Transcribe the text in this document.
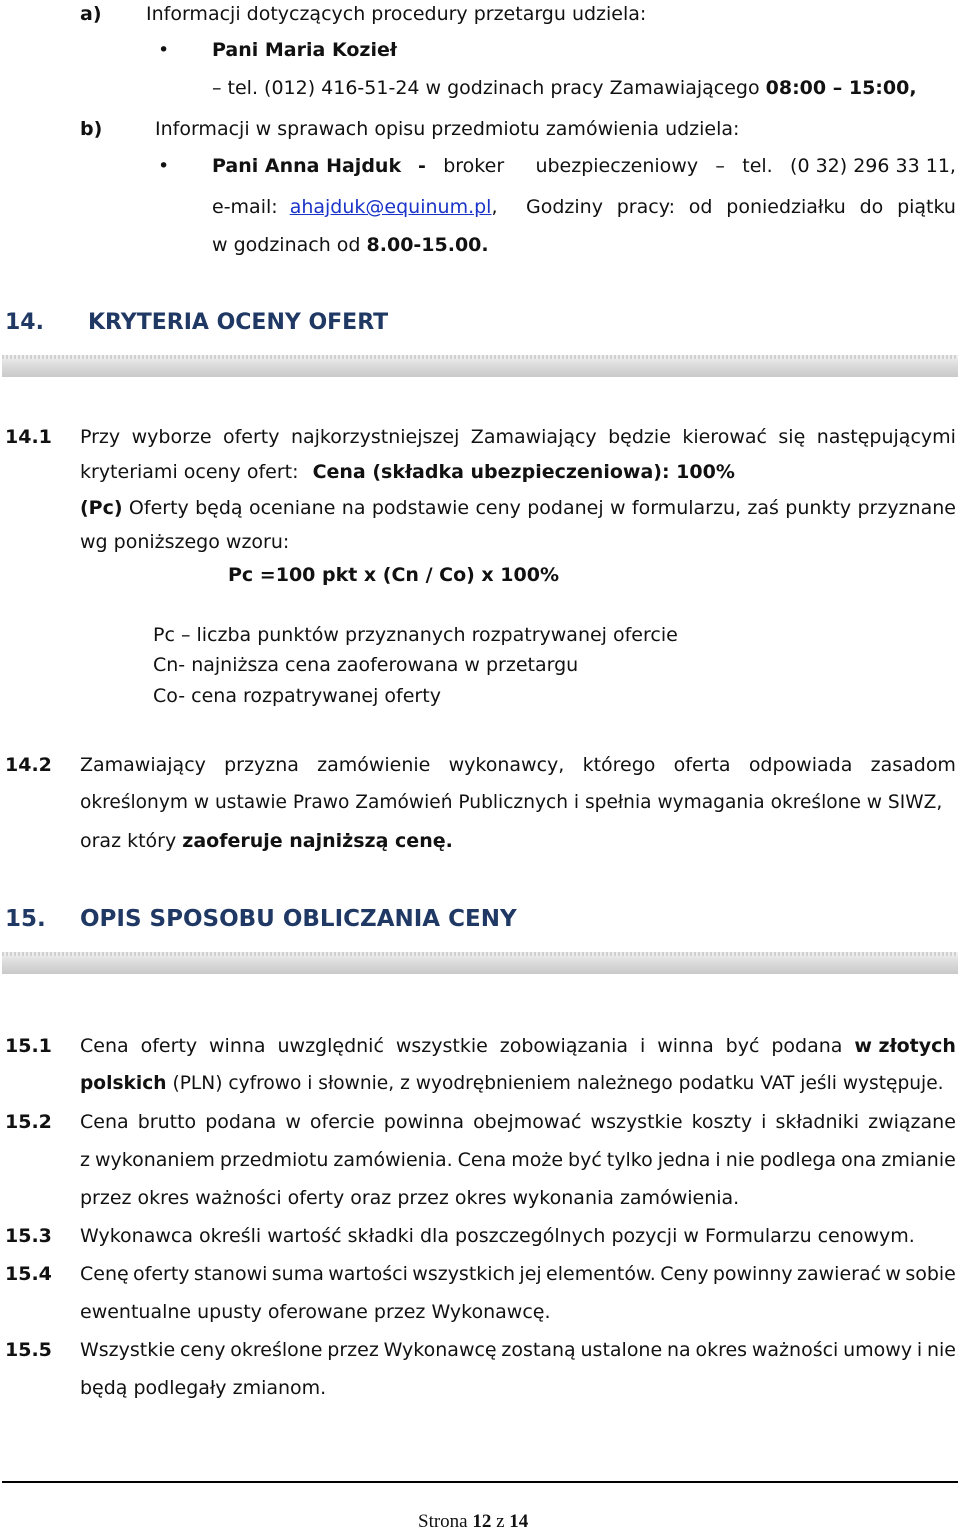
a) Informacji dotyczących procedury przetargu udziela:
• Pani Maria Kozieł
– tel. (012) 416-51-24 w godzinach pracy Zamawiającego 08:00 – 15:00,
b)	Informacji w sprawach opisu przedmiotu zamówienia udziela:
• Pani Anna Hajduk - broker ubezpieczeniowy – tel. (0 32) 296 33 11,
e-mail: ahajduk@equinum.pl, Godziny pracy: od poniedziałku do piątku
w godzinach od 8.00-15.00.
14. KRYTERIA OCENY OFERT
14.1 Przy wyborze oferty najkorzystniejszej Zamawiający będzie kierować się następującymi
kryteriami oceny ofert: Cena (składka ubezpieczeniowa): 100%
(Pc) Oferty będą oceniane na podstawie ceny podanej w formularzu, zaś punkty przyznane
wg poniższego wzoru:
Pc =100 pkt x (Cn / Co) x 100%
Pc – liczba punktów przyznanych rozpatrywanej ofercie
Cn- najniższa cena zaoferowana w przetargu
Co- cena rozpatrywanej oferty
14.2 Zamawiający przyzna zamówienie wykonawcy, którego oferta odpowiada zasadom
określonym w ustawie Prawo Zamówień Publicznych i spełnia wymagania określone w SIWZ,
oraz który zaoferuje najniższą cenę.
15. OPIS SPOSOBU OBLICZANIA CENY
15.1 Cena oferty winna uwzględnić wszystkie zobowiązania i winna być podana w złotych
polskich (PLN) cyfrowo i słownie, z wyodrębnieniem należnego podatku VAT jeśli występuje.
15.2 Cena brutto podana w ofercie powinna obejmować wszystkie koszty i składniki związane
z wykonaniem przedmiotu zamówienia. Cena może być tylko jedna i nie podlega ona zmianie
przez okres ważności oferty oraz przez okres wykonania zamówienia.
15.3 Wykonawca określi wartość składki dla poszczególnych pozycji w Formularzu cenowym.
15.4 Cenę oferty stanowi suma wartości wszystkich jej elementów. Ceny powinny zawierać w sobie
ewentualne upusty oferowane przez Wykonawcę.
15.5 Wszystkie ceny określone przez Wykonawcę zostaną ustalone na okres ważności umowy i nie
będą podlegały zmianom.
Strona 12 z 14
